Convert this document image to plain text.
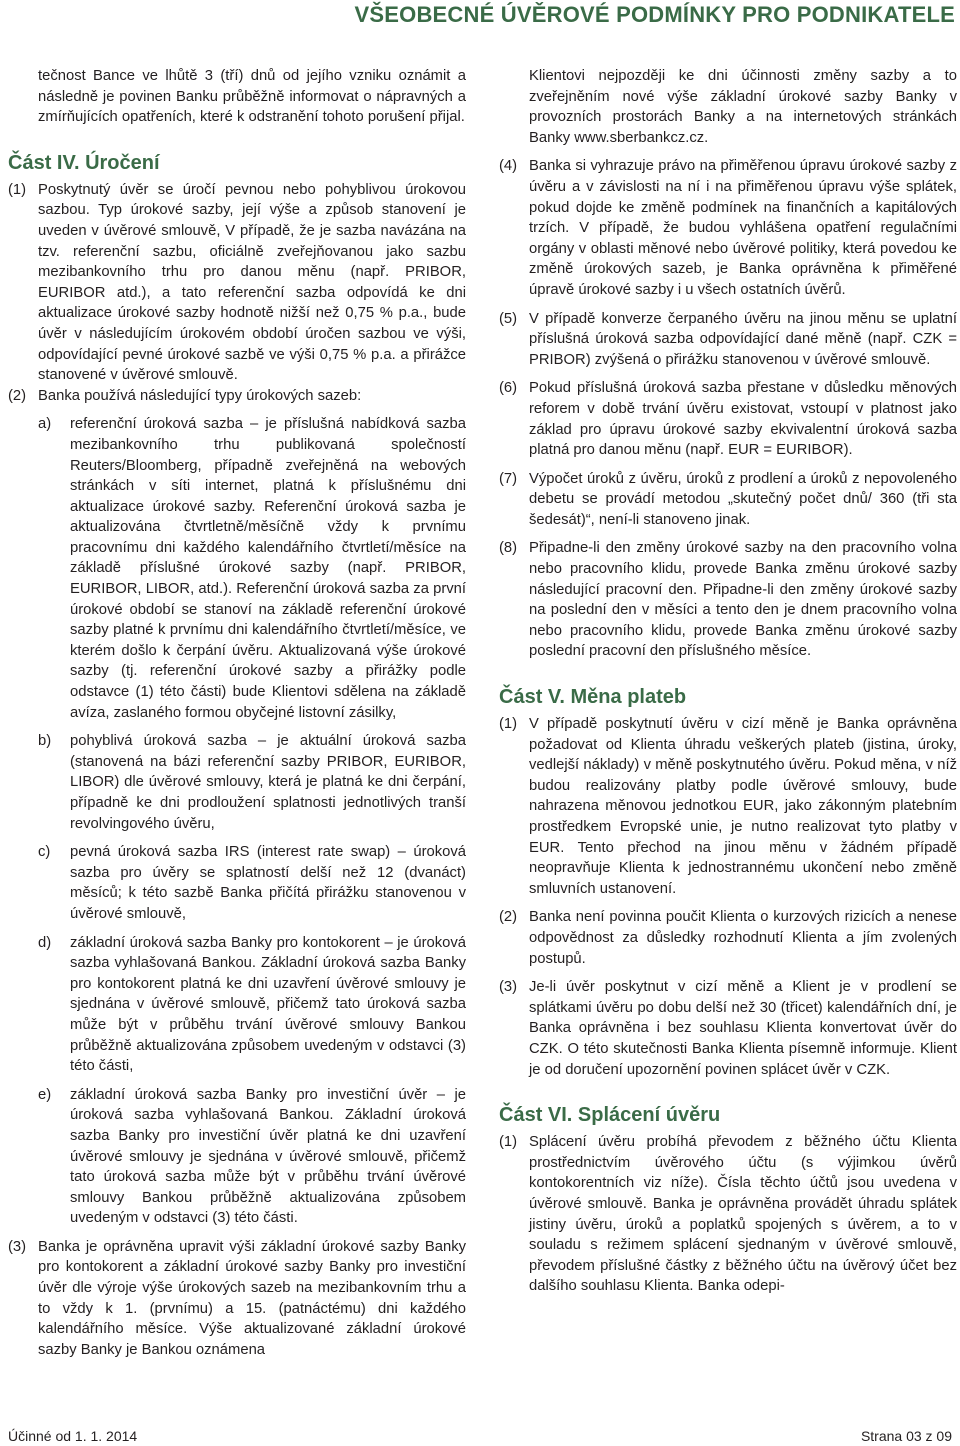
VŠEOBECNÉ ÚVĚROVÉ PODMÍNKY PRO PODNIKATELE

tečnost Bance ve lhůtě 3 (tří) dnů od jejího vzniku oznámit a následně je povinen Banku průběžně informovat o nápravných a zmírňujících opatřeních, které k odstranění tohoto porušení přijal.

Část IV. Úročení
(1) Poskytnutý úvěr se úročí pevnou nebo pohyblivou úrokovou sazbou. Typ úrokové sazby, její výše a způsob stanovení je uveden v úvěrové smlouvě, V případě, že je sazba navázána na tzv. referenční sazbu, oficiálně zveřejňovanou jako sazbu mezibankovního trhu pro danou měnu (např. PRIBOR, EURIBOR atd.), a tato referenční sazba odpovídá ke dni aktualizace úrokové sazby hodnotě nižší než 0,75 % p.a., bude úvěr v následujícím úrokovém období úročen sazbou ve výši, odpovídající pevné úrokové sazbě ve výši 0,75 % p.a. a přirážce stanovené v úvěrové smlouvě.

(2) Banka používá následující typy úrokových sazeb:

a) referenční úroková sazba – je příslušná nabídková sazba mezibankovního trhu publikovaná společností Reuters/Bloomberg, případně zveřejněná na webových stránkách v síti internet, platná k příslušnému dni aktualizace úrokové sazby. Referenční úroková sazba je aktualizována čtvrtletně/měsíčně vždy k prvnímu pracovnímu dni každého kalendářního čtvrtletí/měsíce na základě příslušné úrokové sazby (např. PRIBOR, EURIBOR, LIBOR, atd.). Referenční úroková sazba za první úrokové období se stanoví na základě referenční úrokové sazby platné k prvnímu dni kalendářního čtvrtletí/měsíce, ve kterém došlo k čerpání úvěru. Aktualizovaná výše úrokové sazby (tj. referenční úrokové sazby a přirážky podle odstavce (1) této části) bude Klientovi sdělena na základě avíza, zaslaného formou obyčejné listovní zásilky,

b) pohyblivá úroková sazba – je aktuální úroková sazba (stanovená na bázi referenční sazby PRIBOR, EURIBOR, LIBOR) dle úvěrové smlouvy, která je platná ke dni čerpání, případně ke dni prodloužení splatnosti jednotlivých tranší revolvingového úvěru,

c) pevná úroková sazba IRS (interest rate swap) – úroková sazba pro úvěry se splatností delší než 12 (dvanáct) měsíců; k této sazbě Banka přičítá přirážku stanovenou v úvěrové smlouvě,

d) základní úroková sazba Banky pro kontokorent – je úroková sazba vyhlašovaná Bankou. Základní úroková sazba Banky pro kontokorent platná ke dni uzavření úvěrové smlouvy je sjednána v úvěrové smlouvě, přičemž tato úroková sazba může být v průběhu trvání úvěrové smlouvy Bankou průběžně aktualizována způsobem uvedeným v odstavci (3) této části,

e) základní úroková sazba Banky pro investiční úvěr – je úroková sazba vyhlašovaná Bankou. Základní úroková sazba Banky pro investiční úvěr platná ke dni uzavření úvěrové smlouvy je sjednána v úvěrové smlouvě, přičemž tato úroková sazba může být v průběhu trvání úvěrové smlouvy Bankou průběžně aktualizována způsobem uvedeným v odstavci (3) této části.

(3) Banka je oprávněna upravit výši základní úrokové sazby Banky pro kontokorent a základní úrokové sazby Banky pro investiční úvěr dle výroje výše úrokových sazeb na mezibankovním trhu a to vždy k 1. (prvnímu) a 15. (patnáctému) dni každého kalendářního měsíce. Výše aktualizované základní úrokové sazby Banky je Bankou oznámena

Klientovi nejpozději ke dni účinnosti změny sazby a to zveřejněním nové výše základní úrokové sazby Banky v provozních prostorách Banky a na internetových stránkách Banky www.sberbankcz.cz.

(4) Banka si vyhrazuje právo na přiměřenou úpravu úrokové sazby z úvěru a v závislosti na ní i na přiměřenou úpravu výše splátek, pokud dojde ke změně podmínek na finančních a kapitálových trzích. V případě, že budou vyhlášena opatření regulačními orgány v oblasti měnové nebo úvěrové politiky, která povedou ke změně úrokových sazeb, je Banka oprávněna k přiměřené úpravě úrokové sazby i u všech ostatních úvěrů.

(5) V případě konverze čerpaného úvěru na jinou měnu se uplatní příslušná úroková sazba odpovídající dané měně (např. CZK = PRIBOR) zvýšená o přirážku stanovenou v úvěrové smlouvě.

(6) Pokud příslušná úroková sazba přestane v důsledku měnových reforem v době trvání úvěru existovat, vstoupí v platnost jako základ pro úpravu úrokové sazby ekvivalentní úroková sazba platná pro danou měnu (např. EUR = EURIBOR).

(7) Výpočet úroků z úvěru, úroků z prodlení a úroků z nepovoleného debetu se provádí metodou „skutečný počet dnů/ 360 (tři sta šedesát)“, není-li stanoveno jinak.

(8) Připadne-li den změny úrokové sazby na den pracovního volna nebo pracovního klidu, provede Banka změnu úrokové sazby následující pracovní den. Připadne-li den změny úrokové sazby na poslední den v měsíci a tento den je dnem pracovního volna nebo pracovního klidu, provede Banka změnu úrokové sazby poslední pracovní den příslušného měsíce.

Část V. Měna plateb
(1) V případě poskytnutí úvěru v cizí měně je Banka oprávněna požadovat od Klienta úhradu veškerých plateb (jistina, úroky, vedlejší náklady) v měně poskytnutého úvěru. Pokud měna, v níž budou realizovány platby podle úvěrové smlouvy, bude nahrazena měnovou jednotkou EUR, jako zákonným platebním prostředkem Evropské unie, je nutno realizovat tyto platby v EUR. Tento přechod na jinou měnu v žádném případě neopravňuje Klienta k jednostrannému ukončení nebo změně smluvních ustanovení.

(2) Banka není povinna poučit Klienta o kurzových rizicích a nenese odpovědnost za důsledky rozhodnutí Klienta a jím zvolených postupů.

(3) Je-li úvěr poskytnut v cizí měně a Klient je v prodlení se splátkami úvěru po dobu delší než 30 (třicet) kalendářních dní, je Banka oprávněna i bez souhlasu Klienta konvertovat úvěr do CZK. O této skutečnosti Banka Klienta písemně informuje. Klient je od doručení upozornění povinen splácet úvěr v CZK.

Část VI. Splácení úvěru
(1) Splácení úvěru probíhá převodem z běžného účtu Klienta prostřednictvím úvěrového účtu (s výjimkou úvěrů kontokorentních viz níže). Čísla těchto účtů jsou uvedena v úvěrové smlouvě. Banka je oprávněna provádět úhradu splátek jistiny úvěru, úroků a poplatků spojených s úvěrem, a to v souladu s režimem splácení sjednaným v úvěrové smlouvě, převodem příslušné částky z běžného účtu na úvěrový účet bez dalšího souhlasu Klienta. Banka odepi-

Účinné od 1. 1. 2014	Strana 03 z 09
